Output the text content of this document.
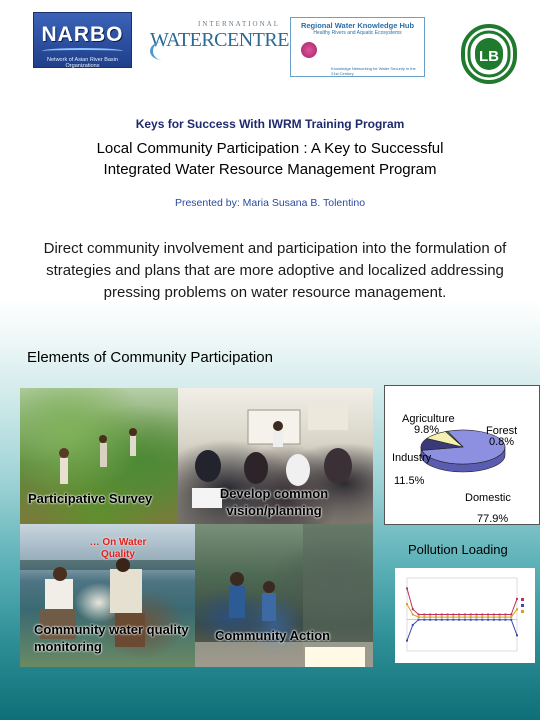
NARBO
Network of Asian River Basin Organizations
INTERNATIONAL
WATERCENTRE
Regional Water Knowledge Hub
Healthy Rivers and Aquatic Ecosystems
Knowledge Networking for Water Security in the 21st Century
LB
Keys for Success With IWRM Training Program
Local Community Participation : A Key to Successful
Integrated Water Resource Management Program
Presented by: Maria Susana B. Tolentino
Direct community involvement and participation into the formulation of strategies and plans that are more adoptive and localized addressing pressing problems on water resource management.
Elements of Community Participation
Participative Survey	Develop common vision/planning
… On Water Quality
Community water quality monitoring
Community Action
Agriculture
9.8%	Forest
0.8%
Industry
11.5%
Domestic
77.9%
Pollution Loading
